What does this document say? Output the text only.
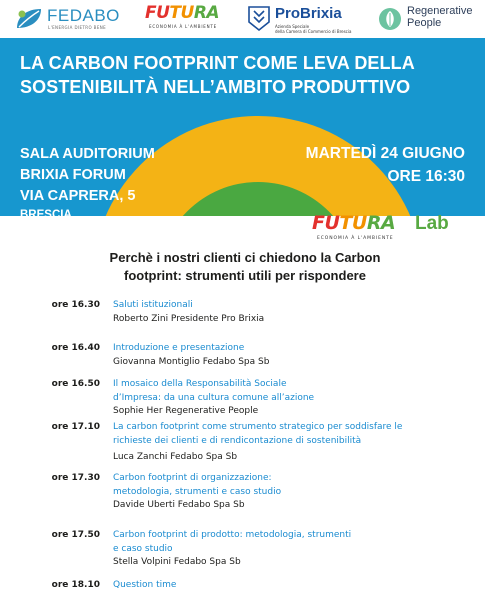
FEDABO
L'ENERGIA DIETRO BENE
FUTURA
ECONOMIA À L'AMBIENTE
ProBrixia
Azienda Speciale
della Camera di Commercio di Brescia
Regenerative
People
LA CARBON FOOTPRINT COME LEVA DELLA
SOSTENIBILITÀ NELL’AMBITO PRODUTTIVO
SALA AUDITORIUM
BRIXIA FORUM
VIA CAPRERA, 5
BRESCIA
MARTEDÌ 24 GIUGNO
ORE 16:30
FUTURA Lab
ECONOMIA À L'AMBIENTE
Perchè i nostri clienti ci chiedono la Carbon
footprint: strumenti utili per rispondere
ore 16.30 Saluti istituzionali
Roberto Zini Presidente Pro Brixia
ore 16.40 Introduzione e presentazione
Giovanna Montiglio Fedabo Spa Sb
ore 16.50 Il mosaico della Responsabilità Sociale
d’Impresa: da una cultura comune all’azione
Sophie Her Regenerative People
ore 17.10 La carbon footprint come strumento strategico per soddisfare le
richieste dei clienti e di rendicontazione di sostenibilità
Luca Zanchi Fedabo Spa Sb
ore 17.30 Carbon footprint di organizzazione:
metodologia, strumenti e caso studio
Davide Uberti Fedabo Spa Sb
ore 17.50 Carbon footprint di prodotto: metodologia, strumenti
e caso studio
Stella Volpini Fedabo Spa Sb
ore 18.10 Question time
